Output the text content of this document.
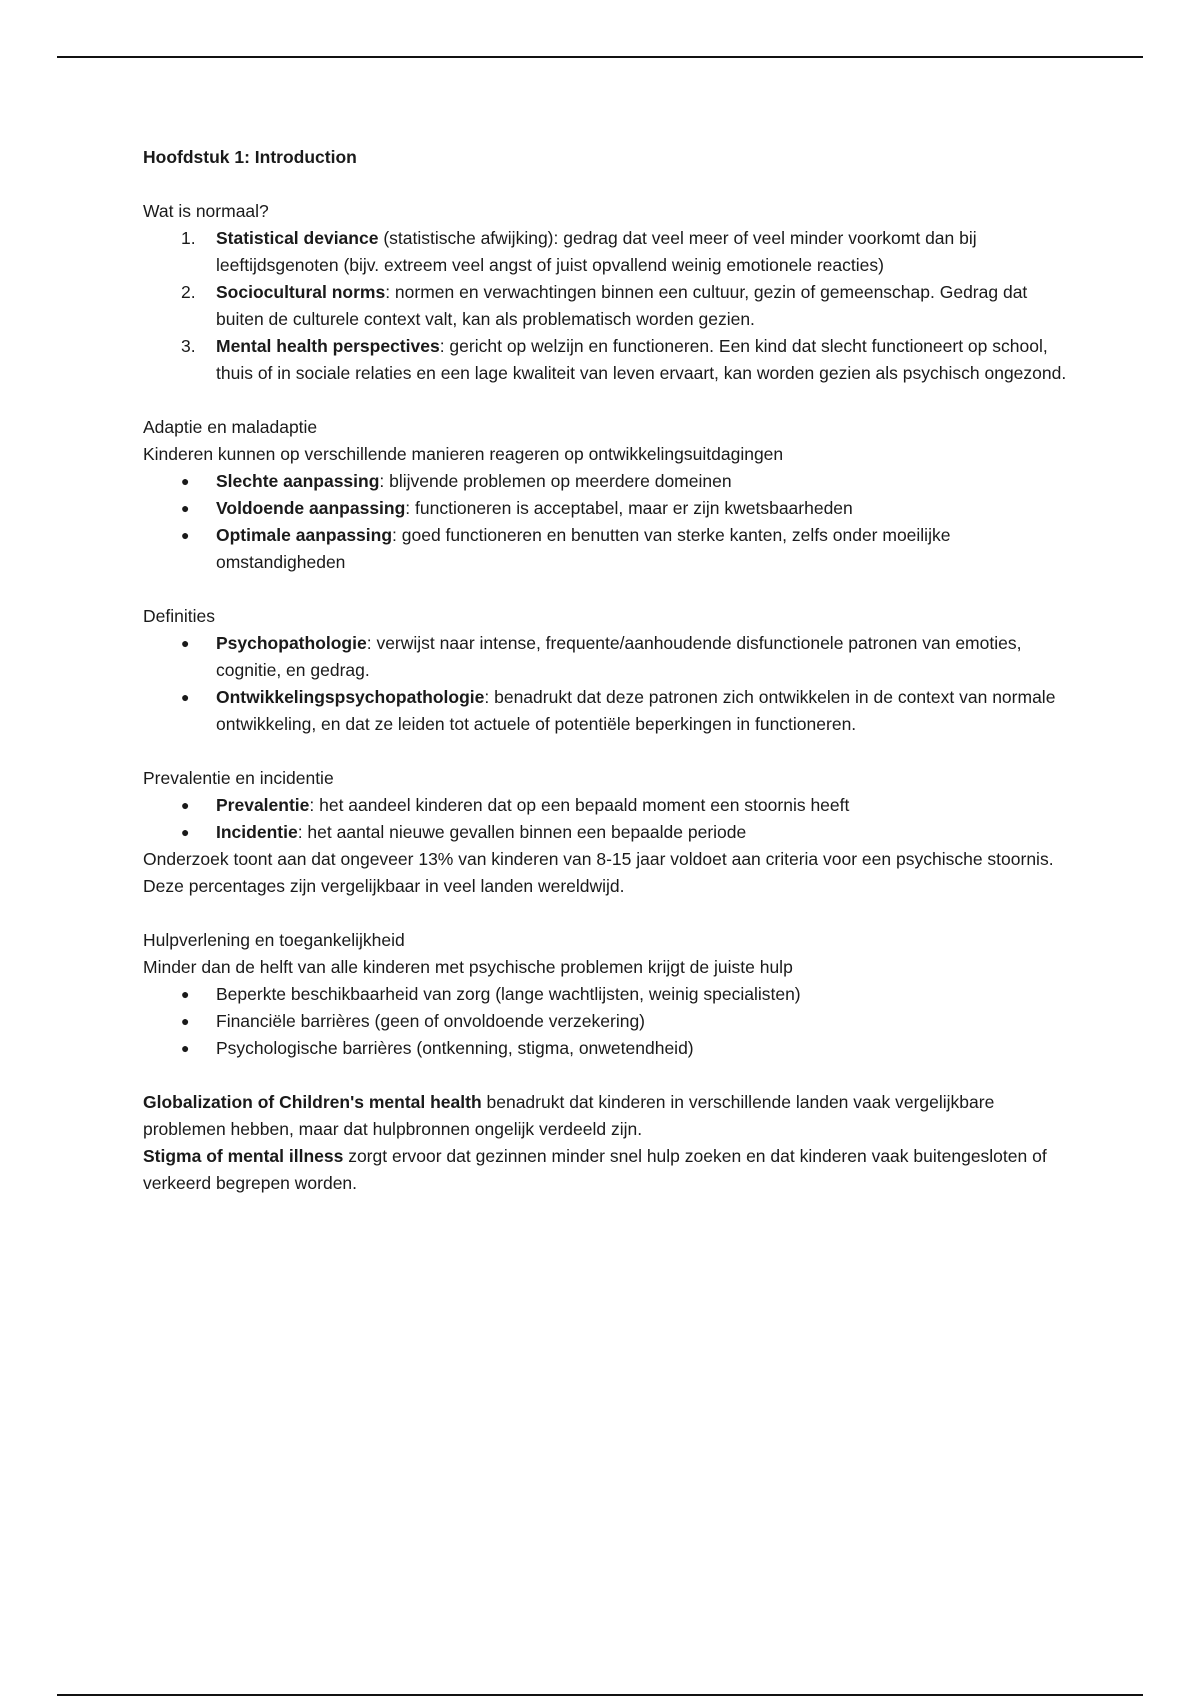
Hoofdstuk 1: Introduction

Wat is normaal?

1.	Statistical deviance (statistische afwijking): gedrag dat veel meer of veel minder voorkomt dan bij leeftijdsgenoten (bijv. extreem veel angst of juist opvallend weinig emotionele reacties)
2.	Sociocultural norms: normen en verwachtingen binnen een cultuur, gezin of gemeenschap. Gedrag dat buiten de culturele context valt, kan als problematisch worden gezien.
3.	Mental health perspectives: gericht op welzijn en functioneren. Een kind dat slecht functioneert op school, thuis of in sociale relaties en een lage kwaliteit van leven ervaart, kan worden gezien als psychisch ongezond.

Adaptie en maladaptie

Kinderen kunnen op verschillende manieren reageren op ontwikkelingsuitdagingen

● Slechte aanpassing: blijvende problemen op meerdere domeinen
● Voldoende aanpassing: functioneren is acceptabel, maar er zijn kwetsbaarheden
● Optimale aanpassing: goed functioneren en benutten van sterke kanten, zelfs onder moeilijke omstandigheden

Definities

● Psychopathologie: verwijst naar intense, frequente/aanhoudende disfunctionele patronen van emoties, cognitie, en gedrag.
● Ontwikkelingspsychopathologie: benadrukt dat deze patronen zich ontwikkelen in de context van normale ontwikkeling, en dat ze leiden tot actuele of potentiële beperkingen in functioneren.

Prevalentie en incidentie

● Prevalentie: het aandeel kinderen dat op een bepaald moment een stoornis heeft
● Incidentie: het aantal nieuwe gevallen binnen een bepaalde periode

Onderzoek toont aan dat ongeveer 13% van kinderen van 8-15 jaar voldoet aan criteria voor een psychische stoornis. Deze percentages zijn vergelijkbaar in veel landen wereldwijd.

Hulpverlening en toegankelijkheid

Minder dan de helft van alle kinderen met psychische problemen krijgt de juiste hulp

● Beperkte beschikbaarheid van zorg (lange wachtlijsten, weinig specialisten)
● Financiële barrières (geen of onvoldoende verzekering)
● Psychologische barrières (ontkenning, stigma, onwetendheid)

Globalization of Children's mental health benadrukt dat kinderen in verschillende landen vaak vergelijkbare problemen hebben, maar dat hulpbronnen ongelijk verdeeld zijn.

Stigma of mental illness zorgt ervoor dat gezinnen minder snel hulp zoeken en dat kinderen vaak buitengesloten of verkeerd begrepen worden.
